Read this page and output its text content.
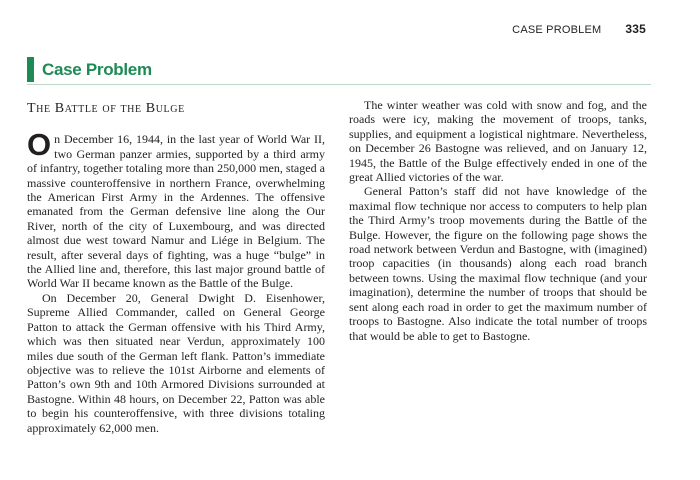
CASE PROBLEM 335
Case Problem
The Battle of the Bulge

On December 16, 1944, in the last year of World War II, two German panzer armies, supported by a third army of infantry, together totaling more than 250,000 men, staged a massive counteroffensive in northern France, overwhelming the American First Army in the Ardennes. The offensive emanated from the German defensive line along the Our River, north of the city of Luxembourg, and was directed almost due west toward Namur and Liége in Belgium. The result, after several days of fighting, was a huge “bulge” in the Allied line and, therefore, this last major ground battle of World War II became known as the Battle of the Bulge.

On December 20, General Dwight D. Eisenhower, Supreme Allied Commander, called on General George Patton to attack the German offensive with his Third Army, which was then situated near Verdun, approximately 100 miles due south of the German left flank. Patton’s immediate objective was to relieve the 101st Airborne and elements of Patton’s own 9th and 10th Armored Divisions surrounded at Bastogne. Within 48 hours, on December 22, Patton was able to begin his counteroffensive, with three divisions totaling approximately 62,000 men.

The winter weather was cold with snow and fog, and the roads were icy, making the movement of troops, tanks, supplies, and equipment a logistical nightmare. Nevertheless, on December 26 Bastogne was relieved, and on January 12, 1945, the Battle of the Bulge effectively ended in one of the great Allied victories of the war.

General Patton’s staff did not have knowledge of the maximal flow technique nor access to computers to help plan the Third Army’s troop movements during the Battle of the Bulge. However, the figure on the following page shows the road network between Verdun and Bastogne, with (imagined) troop capacities (in thousands) along each road branch between towns. Using the maximal flow technique (and your imagination), determine the number of troops that should be sent along each road in order to get the maximum number of troops to Bastogne. Also indicate the total number of troops that would be able to get to Bastogne.
